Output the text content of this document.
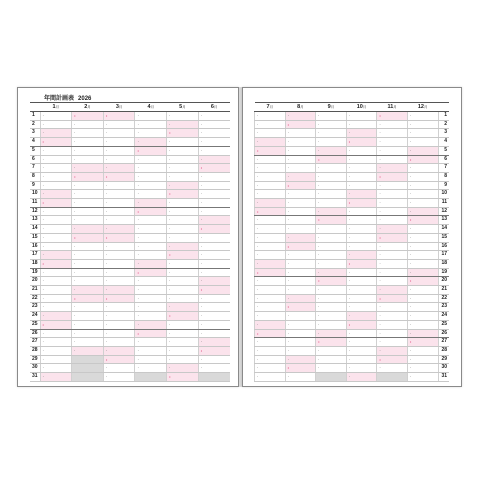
年間計画表 2026
	1月	2月	3月	4月	5月	6月
1	·	•	•	·	·	·
2	·	·	·	·	·	·
3	·	·	·	·	•	·
4	•	·	·	·	·	·
5	·	·	·	•	·	·
6	·	·	·	·	·	·
7	·	·	·	·	·	•
8	·	•	•	·	·	·
9	·	·	·	·	·	·
10	·	·	·	·	•	·
11	•	·	·	·	·	·
12	·	·	·	•	·	·
13	·	·	·	·	·	·
14	·	·	·	·	·	•
15	·	•	•	·	·	·
16	·	·	·	·	·	·
17	·	·	·	·	•	·
18	•	·	·	·	·	·
19	·	·	·	•	·	·
20	·	·	·	·	·	·
21	·	·	·	·	·	•
22	·	•	•	·	·	·
23	·	·	·	·	·	·
24	·	·	·	·	•	·
25	•	·	·	·	·	·
26	·	·	·	•	·	·
27	·	·	·	·	·	·
28	·	·	·	·	·	•
29	·		•	·	·	·
30	·		·	·	·	·
31	·		·		•	
7月	8月	9月	10月	11月	12月	
·	·	·	·	•	·	1
·	•	·	·	·	·	2
·	·	·	·	·	·	3
·	·	·	•	·	·	4
•	·	·	·	·	·	5
·	·	•	·	·	•	6
·	·	·	·	·	·	7
·	·	·	·	•	·	8
·	•	·	·	·	·	9
·	·	·	·	·	·	10
·	·	·	•	·	·	11
•	·	·	·	·	·	12
·	·	•	·	·	•	13
·	·	·	·	·	·	14
·	·	·	·	•	·	15
·	•	·	·	·	·	16
·	·	·	·	·	·	17
·	·	·	•	·	·	18
•	·	·	·	·	·	19
·	·	•	·	·	•	20
·	·	·	·	·	·	21
·	·	·	·	•	·	22
·	•	·	·	·	·	23
·	·	·	·	·	·	24
·	·	·	•	·	·	25
•	·	·	·	·	·	26
·	·	•	·	·	•	27
·	·	·	·	·	·	28
·	·	·	·	•	·	29
·	•	·	·	·	·	30
·	·		·		·	31
